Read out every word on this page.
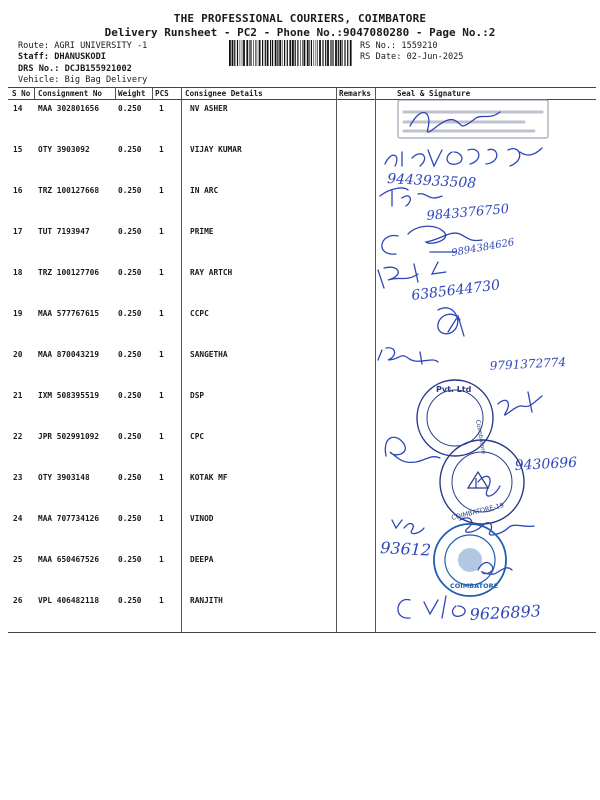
THE PROFESSIONAL COURIERS, COIMBATORE
Delivery Runsheet - PC2 - Phone No.:9047080280 - Page No.:2
Route: AGRI UNIVERSITY -1
Staff: DHANUSKODI
DRS No.: DCJB155921002
Vehicle: Big Bag Delivery
RS No.: 1559210
RS Date: 02-Jun-2025
S No Consignment No Weight PCS Consignee Details	Remarks	Seal & Signature
14 MAA 302801656 0.250 1	NV ASHER
15 OTY 3903092	0.250 1	VIJAY KUMAR
16 TRZ 100127668 0.250 1	IN ARC
17 TUT 7193947	0.250 1	PRIME
18 TRZ 100127706 0.250 1	RAY ARTCH
19 MAA 577767615 0.250 1	CCPC
20 MAA 870043219 0.250 1	SANGETHA
21 IXM 508395519 0.250 1	DSP
22 JPR 502991092 0.250 1	CPC
23 OTY 3903148	0.250 1	KOTAK MF
24 MAA 707734126 0.250 1	VINOD
25 MAA 650467526 0.250 1	DEEPA
26 VPL 406482118 0.250 1	RANJITH
9443933508
9843376750
9894384626
6385644730
9791372774
9430696
93612
9626893
Pvt. Ltd
Coimbatore
COIMBATORE-19
COIMBATORE
